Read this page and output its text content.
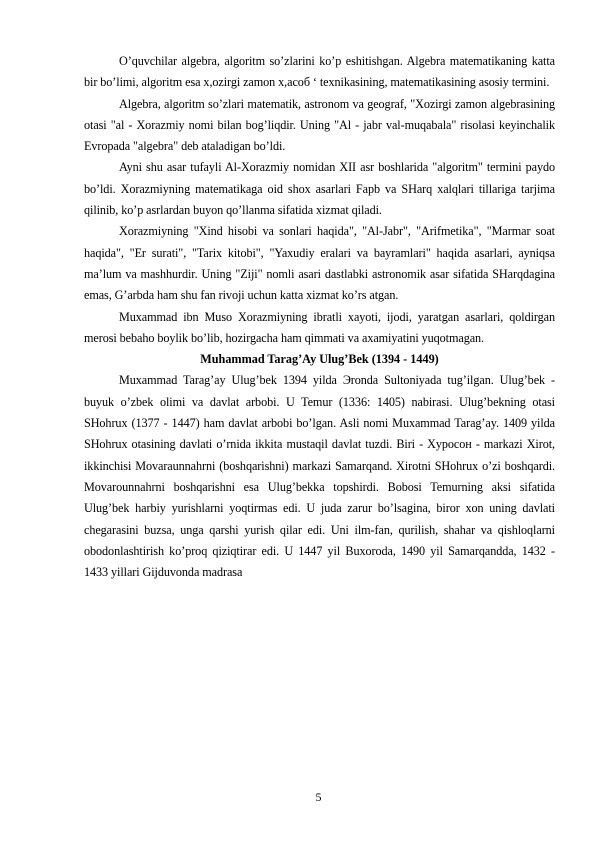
O’quvchilar algebra, algoritm so’zlarini ko’p eshitishgan. Algebra matematikaning katta bir bo’limi, algoritm esa x,ozirgi zamon x,асоб ‘ texnikasining, matematikasining asosiy termini.

Algebra, algoritm so’zlari matematik, astronom va geograf, "Xozirgi zamon algebrasining otasi "al - Xorazmiy nomi bilan bog’liqdir. Uning "Al - jabr val-muqabala" risolasi keyinchalik Evropada "algebra" deb ataladigan bo’ldi.

Ayni shu asar tufayli Al-Xorazmiy nomidan XII asr boshlarida "algoritm" termini paydo bo’ldi. Xorazmiyning matematikaga oid shox asarlari Fapb va SHarq xalqlari tillariga tarjima qilinib, ko’p asrlardan buyon qo’llanma sifatida xizmat qiladi.

Xorazmiyning "Xind hisobi va sonlari haqida", "Al-Jabr", "Arifmetika", "Marmar soat haqida", "Er surati", "Tarix kitobi", "Yaxudiy eralari va bayramlari" haqida asarlari, ayniqsa ma’lum va mashhurdir. Uning "Ziji" nomli asari dastlabki astronomik asar sifatida SHarqdagina emas, G’arbda ham shu fan rivoji uchun katta xizmat ko’rs atgan.

Muxammad ibn Muso Xorazmiyning ibratli xayoti, ijodi, yaratgan asarlari, qoldirgan merosi bebaho boylik bo’lib, hozirgacha ham qimmati va axamiyatini yuqotmagan.

Muhammad Tarag’Ay Ulug’Bek (1394 - 1449)

Muxammad Tarag’ay Ulug’bek 1394 yilda Эronda Sultoniyada tug’ilgan. Ulug’bek - buyuk o’zbek olimi va davlat arbobi. U Temur (1336: 1405) nabirasi. Ulug’bekning otasi SHohrux (1377 - 1447) ham davlat arbobi bo’lgan. Asli nomi Muxammad Tarag’ay. 1409 yilda SHohrux otasining davlati o’rnida ikkita mustaqil davlat tuzdi. Biri - Xypoсон - markazi Xirot, ikkinchisi Movaraunnahrni (boshqarishni) markazi Samarqand. Xirotni SHohrux o’zi boshqardi. Movarounnahrni boshqarishni esa Ulug’bekka topshirdi. Bobosi Temurning aksi sifatida Ulug’bek harbiy yurishlarni yoqtirmas edi. U juda zarur bo’lsagina, biror xon uning davlati chegarasini buzsa, unga qarshi yurish qilar edi. Uni ilm-fan, qurilish, shahar va qishloqlarni obodonlashtirish ko’proq qiziqtirar edi. U 1447 yil Buxoroda, 1490 yil Samarqandda, 1432 - 1433 yillari Gijduvonda madrasa

5
